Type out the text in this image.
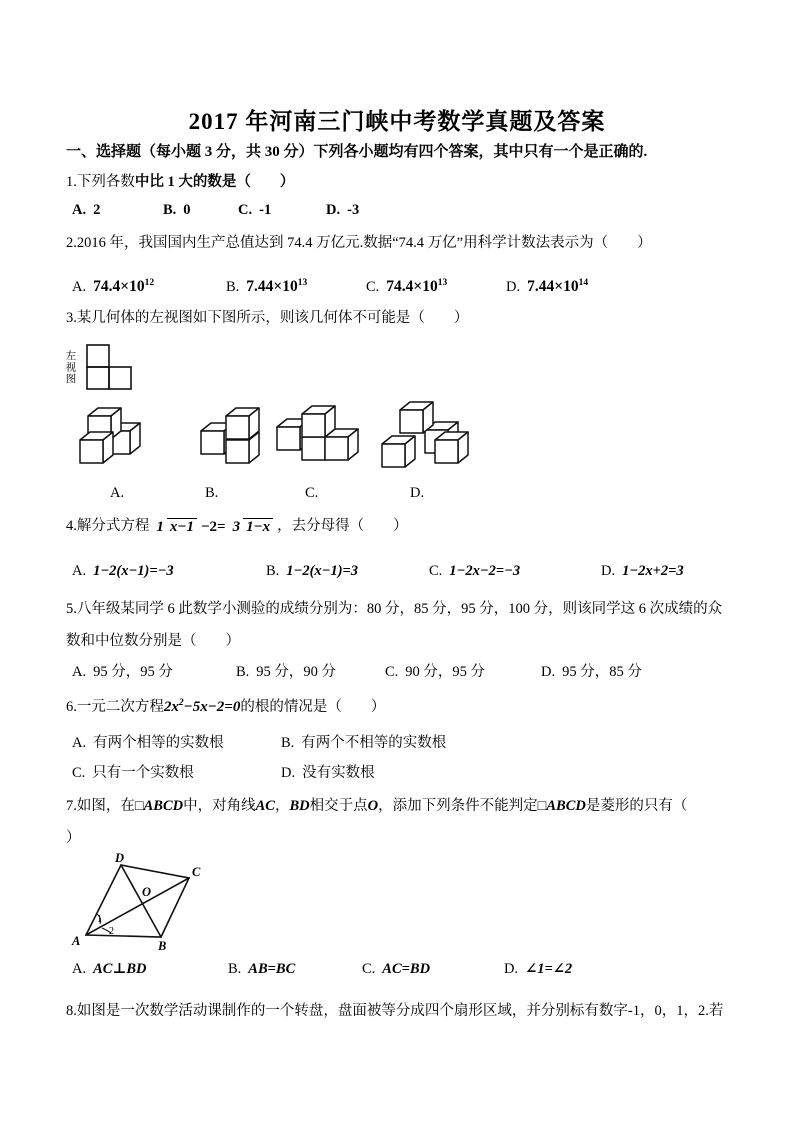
2017 年河南三门峡中考数学真题及答案
一、选择题（每小题 3 分，共 30 分）下列各小题均有四个答案，其中只有一个是正确的.
1.下列各数中比 1 大的数是（　　）
A. 2	B. 0	C. -1	D. -3
2.2016 年，我国国内生产总值达到 74.4 万亿元.数据“74.4 万亿”用科学计数法表示为（　　）
A. $74.4\times 10^{12}$	B. $7.44\times 10^{13}$	C. $74.4\times 10^{13}$	D. $7.44\times 10^{14}$
3.某几何体的左视图如下图所示，则该几何体不可能是（　　）
左视图
A.	B.	C.	D.
4.解分式方程 1 x−1 −2= 3 1−x ，去分母得（　　）
A. 1−2(x−1)=−3	B. 1−2(x−1)=3	C. 1−2x−2=−3	D. 1−2x+2=3
5.八年级某同学 6 此数学小测验的成绩分别为：80 分，85 分，95 分，100 分，则该同学这 6 次成绩的众
数和中位数分别是（　　）
A. 95 分，95 分	B. 95 分，90 分	C. 90 分，95 分	D. 95 分，85 分
6.一元二次方程$2x^2-5x-2=0$的根的情况是（　　）
A. 有两个相等的实数根	B. 有两个不相等的实数根
C. 只有一个实数根	D. 没有实数根
7.如图，在□ABCD中，对角线AC，BD相交于点O，添加下列条件不能判定□ABCD是菱形的只有（
）
D
C
O
A	B
1
2
A. AC⊥BD	B. AB=BC	C. AC=BD	D. ∠1=∠2
8.如图是一次数学活动课制作的一个转盘，盘面被等分成四个扇形区域，并分别标有数字-1，0，1，2.若
